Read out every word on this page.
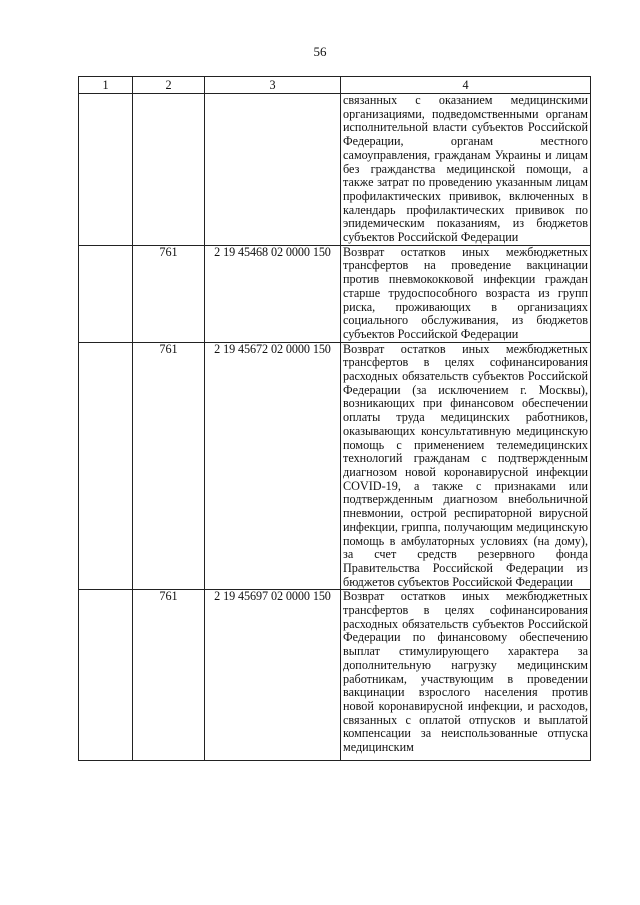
56
1	2	3	4
			связанных с оказанием медицинскими организациями, подведомственными органам исполнительной власти субъектов Российской Федерации, органам местного самоуправления, гражданам Украины и лицам без гражданства медицинской помощи, а также затрат по проведению указанным лицам профилактических прививок, включенных в календарь профилактических прививок по эпидемическим показаниям, из бюджетов субъектов Российской Федерации
	761	2 19 45468 02 0000 150	Возврат остатков иных межбюджетных трансфертов на проведение вакцинации против пневмококковой инфекции граждан старше трудоспособного возраста из групп риска, проживающих в организациях социального обслуживания, из бюджетов субъектов Российской Федерации
	761	2 19 45672 02 0000 150	Возврат остатков иных межбюджетных трансфертов в целях софинансирования расходных обязательств субъектов Российской Федерации (за исключением г. Москвы), возникающих при финансовом обеспечении оплаты труда медицинских работников, оказывающих консультативную медицинскую помощь с применением телемедицинских технологий гражданам с подтвержденным диагнозом новой коронавирусной инфекции COVID-19, а также с признаками или подтвержденным диагнозом внебольничной пневмонии, острой респираторной вирусной инфекции, гриппа, получающим медицинскую помощь в амбулаторных условиях (на дому), за счет средств резервного фонда Правительства Российской Федерации из бюджетов субъектов Российской Федерации
	761	2 19 45697 02 0000 150	Возврат остатков иных межбюджетных трансфертов в целях софинансирования расходных обязательств субъектов Российской Федерации по финансовому обеспечению выплат стимулирующего характера за дополнительную нагрузку медицинским работникам, участвующим в проведении вакцинации взрослого населения против новой коронавирусной инфекции, и расходов, связанных с оплатой отпусков и выплатой компенсации за неиспользованные отпуска медицинским
